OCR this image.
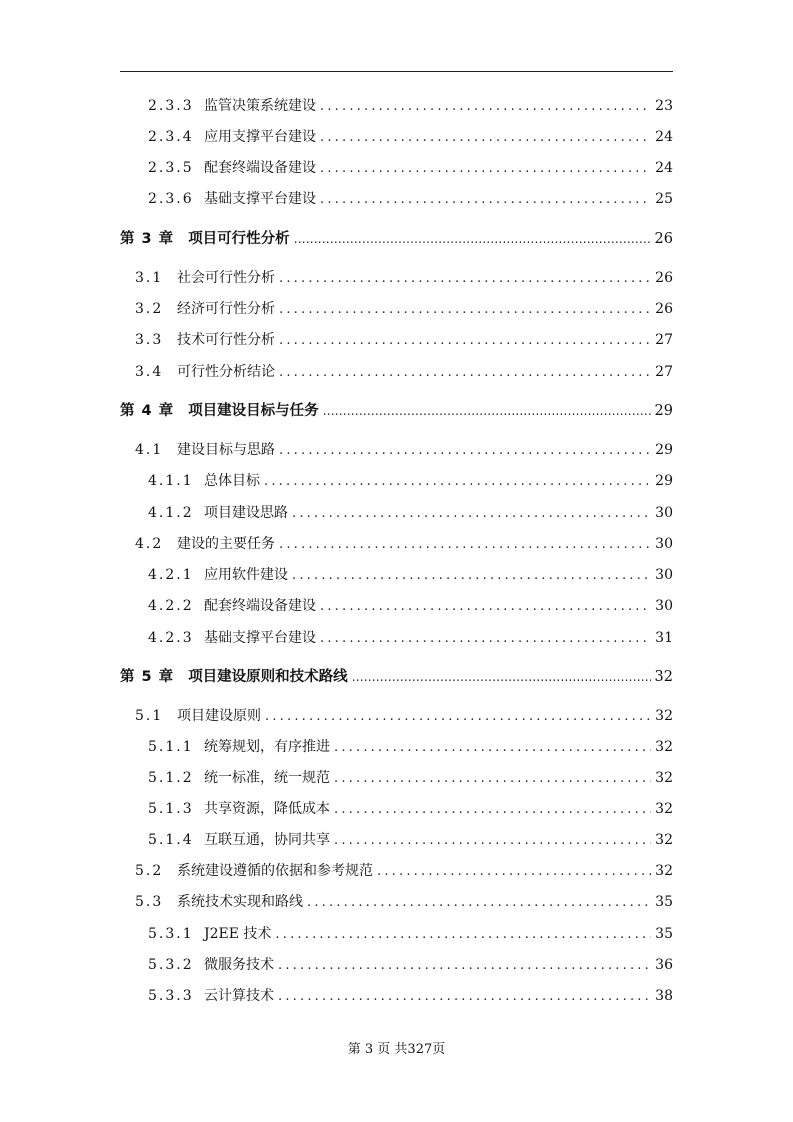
2.3.3 监管决策系统建设 .....	23
2.3.4 应用支撑平台建设 .....	24
2.3.5 配套终端设备建设 .....	24
2.3.6 基础支撑平台建设 .....	25
第 3 章 项目可行性分析 .....	26
3.1 社会可行性分析 .....	26
3.2 经济可行性分析 .....	26
3.3 技术可行性分析 .....	27
3.4 可行性分析结论 .....	27
第 4 章 项目建设目标与任务 .....	29
4.1 建设目标与思路 .....	29
4.1.1 总体目标 .....	29
4.1.2 项目建设思路 .....	30
4.2 建设的主要任务 .....	30
4.2.1 应用软件建设 .....	30
4.2.2 配套终端设备建设 .....	30
4.2.3 基础支撑平台建设 .....	31
第 5 章 项目建设原则和技术路线 .....	32
5.1 项目建设原则 .....	32
5.1.1 统筹规划，有序推进 .....	32
5.1.2 统一标准，统一规范 .....	32
5.1.3 共享资源，降低成本 .....	32
5.1.4 互联互通，协同共享 .....	32
5.2 系统建设遵循的依据和参考规范 .....	32
5.3 系统技术实现和路线 .....	35
5.3.1 J2EE 技术 .....	35
5.3.2 微服务技术 .....	36
5.3.3 云计算技术 .....	38
第 3 页 共327页
